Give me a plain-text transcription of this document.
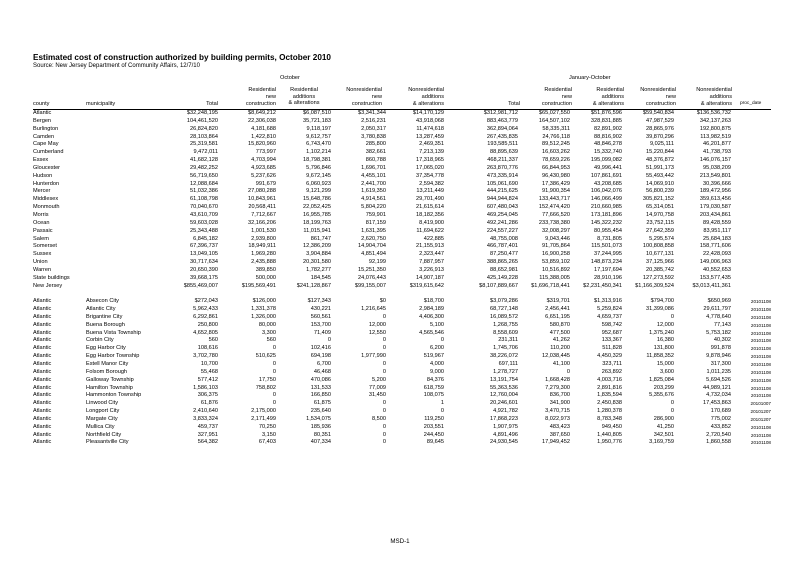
Estimated cost of construction authorized by building permits, October 2010
Source: New Jersey Department of Community Affairs, 12/7/10
October	January-October
county	municipality	Total
Residential
new
construction
Residential
additions
& alterations
Nonresidential
new
construction
Nonresidential
additions
& alterations	Total
Residential
new
construction
Residential
additions
& alterations
Nonresidential
new
construction
Nonresidential
additions
& alterations proc_date
Atlantic		$32,248,195	$8,649,212	$6,087,510	$3,341,344	$14,170,129	$312,981,712	$65,027,550	$51,876,596	$59,540,834	$136,536,732	
Bergen		104,461,520	22,306,038	35,721,183	2,516,231	43,918,068	883,463,779	164,507,102	328,831,885	47,987,529	342,137,263	
Burlington		26,824,820	4,181,688	9,118,197	2,050,317	11,474,618	362,894,064	58,335,311	82,891,902	28,865,976	192,800,875	
Camden		28,103,864	1,422,810	9,612,757	3,780,838	13,287,459	267,435,835	24,766,118	88,816,902	39,870,296	113,982,519	
Cape May		25,319,581	15,820,960	6,743,470	285,800	2,469,351	193,585,511	89,512,245	48,846,278	9,025,111	46,201,877	
Cumberland		9,472,011	773,997	1,102,214	382,661	7,213,139	88,895,639	16,603,262	15,332,740	15,220,844	41,738,793	
Essex		41,682,128	4,703,994	18,798,381	860,788	17,318,965	468,211,337	78,659,226	195,099,082	48,376,872	146,076,157	
Gloucester		29,482,252	4,923,685	5,796,846	1,696,701	17,065,020	263,870,776	66,844,953	49,996,441	51,991,173	95,038,209	
Hudson		56,719,650	5,237,626	9,672,145	4,455,101	37,354,778	473,335,914	96,430,980	107,861,691	55,493,442	213,549,801	
Hunterdon		12,088,684	991,679	6,060,923	2,441,700	2,594,382	105,061,690	17,386,429	43,208,685	14,069,910	30,396,666	
Mercer		51,032,386	27,080,288	9,121,299	1,619,350	13,211,449	444,215,625	91,900,354	106,042,076	56,800,239	189,472,956	
Middlesex		61,108,798	10,843,961	15,648,786	4,914,561	29,701,490	944,944,824	133,443,717	146,066,499	305,821,152	359,613,456	
Monmouth		70,040,670	20,568,411	22,052,425	5,804,220	21,615,614	607,480,043	152,474,420	210,660,985	65,314,051	179,030,587	
Morris		43,610,709	7,712,667	16,955,785	759,901	18,182,356	469,254,045	77,666,520	173,181,896	14,970,758	203,434,861	
Ocean		59,603,028	32,166,206	18,199,763	817,159	8,419,900	492,241,286	233,738,380	145,322,232	23,752,115	89,428,559	
Passaic		25,343,488	1,001,530	11,015,941	1,631,395	11,694,622	224,557,227	32,008,297	80,955,454	27,642,359	83,951,117	
Salem		6,845,182	2,939,800	861,747	2,620,750	422,885	48,755,008	9,043,446	8,731,805	5,295,574	25,684,183	
Somerset		67,396,737	18,949,911	12,386,209	14,904,704	21,155,913	466,787,401	91,705,864	115,501,073	100,808,858	158,771,606	
Sussex		13,049,105	1,969,280	3,904,884	4,851,494	2,323,447	87,250,477	16,900,258	37,244,995	10,677,131	22,428,093	
Union		30,717,634	2,435,888	20,301,580	92,199	7,887,957	388,865,265	53,859,102	148,873,234	37,125,966	149,006,963	
Warren		20,650,390	389,850	1,782,277	15,251,350	3,226,913	88,652,981	10,516,892	17,197,694	20,385,742	40,552,653	
State buildings		39,668,175	500,000	184,545	24,076,443	14,907,187	425,149,228	115,388,005	28,910,196	127,273,592	153,577,435	
New Jersey		$855,469,007	$195,569,491	$241,128,867	$99,155,007	$319,615,642	$8,107,889,667	$1,696,718,441	$2,231,450,341	$1,166,309,524	$3,013,411,361	

Atlantic	Absecon City	$272,043	$126,000	$127,343	$0	$18,700	$3,079,286	$319,701	$1,313,916	$794,700	$650,969	20101108
Atlantic	Atlantic City	5,962,433	1,331,378	430,221	1,216,645	2,984,189	68,727,148	2,456,441	5,259,824	31,399,086	29,611,797	20101108
Atlantic	Brigantine City	6,292,861	1,326,000	560,561	0	4,406,300	16,089,572	6,651,195	4,659,737	0	4,778,640	20101108
Atlantic	Buena Borough	250,800	80,000	153,700	12,000	5,100	1,268,755	580,870	598,742	12,000	77,143	20101108
Atlantic	Buena Vista Township	4,652,805	3,300	71,409	12,550	4,565,546	8,558,609	477,500	952,687	1,375,240	5,753,182	20101108
Atlantic	Corbin City	560	560	0	0	0	231,311	41,262	133,367	16,380	40,302	20101108
Atlantic	Egg Harbor City	108,616	0	102,416	0	6,200	1,745,706	110,200	511,828	131,800	991,878	20101108
Atlantic	Egg Harbor Township	3,702,780	510,625	694,198	1,977,990	519,967	38,226,072	12,038,445	4,450,329	11,858,352	9,878,946	20101108
Atlantic	Estell Manor City	10,700	0	6,700	0	4,000	697,111	41,100	323,711	15,000	317,300	20101108
Atlantic	Folsom Borough	55,468	0	46,468	0	9,000	1,278,727	0	263,892	3,600	1,011,235	20101108
Atlantic	Galloway Township	577,412	17,750	470,086	5,200	84,376	13,191,754	1,668,428	4,003,716	1,825,084	5,694,526	20101108
Atlantic	Hamilton Township	1,586,103	758,802	131,533	77,009	618,759	55,363,536	7,279,300	2,891,816	203,299	44,989,121	20101108
Atlantic	Hammonton Township	306,375	0	166,850	31,450	108,075	12,760,004	836,700	1,835,594	5,355,676	4,732,034	20101108
Atlantic	Linwood City	61,876	0	61,875	0	1	20,246,601	341,900	2,450,838	0	17,453,863	20101007
Atlantic	Longport City	2,410,640	2,175,000	235,640	0	0	4,921,782	3,470,715	1,280,378	0	170,689	20101207
Atlantic	Margate City	3,833,324	2,171,499	1,534,075	8,500	119,250	17,868,223	8,022,973	8,783,348	286,900	775,002	20101207
Atlantic	Mullica City	459,737	70,250	185,936	0	203,551	1,907,975	483,423	949,450	41,250	433,852	20101108
Atlantic	Northfield City	327,951	3,150	80,351	0	244,450	4,891,496	387,650	1,440,805	342,501	2,720,540	20101108
Atlantic	Pleasantville City	564,382	67,403	407,334	0	89,645	24,930,545	17,949,452	1,950,776	3,169,759	1,860,558	20101108
MSD-1
